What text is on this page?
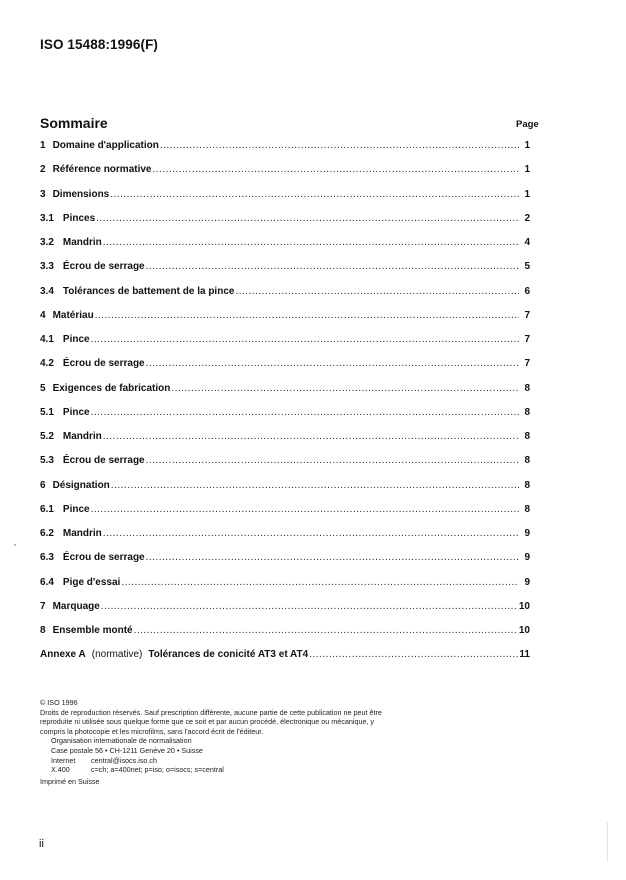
ISO 15488:1996(F)
Sommaire	Page
1 Domaine d'application .....	1
2 Référence normative .....	1
3 Dimensions .....	1
3.1 Pinces .....	2
3.2 Mandrin .....	4
3.3 Écrou de serrage .....	5
3.4 Tolérances de battement de la pince .....	6
4 Matériau .....	7
4.1 Pince .....	7
4.2 Écrou de serrage .....	7
5 Exigences de fabrication .....	8
5.1 Pince .....	8
5.2 Mandrin .....	8
5.3 Écrou de serrage .....	8
6 Désignation .....	8
6.1 Pince .....	8
6.2 Mandrin .....	9
6.3 Écrou de serrage .....	9
6.4 Pige d'essai .....	9
7 Marquage .....	10
8 Ensemble monté .....	10
Annexe A (normative) Tolérances de conicité AT3 et AT4 .....	11

© ISO 1996

Droits de reproduction réservés. Sauf prescription différente, aucune partie de cette publication ne peut être reproduite ni utilisée sous quelque forme que ce soit et par aucun procédé, électronique ou mécanique, y compris la photocopie et les microfilms, sans l'accord écrit de l'éditeur.

Organisation internationale de normalisation

Case postale 56 • CH-1211 Genève 20 • Suisse

Internet	central@isocs.iso.ch

X.400	c=ch; a=400net; p=iso; o=isocs; s=central

Imprimé en Suisse

ii
